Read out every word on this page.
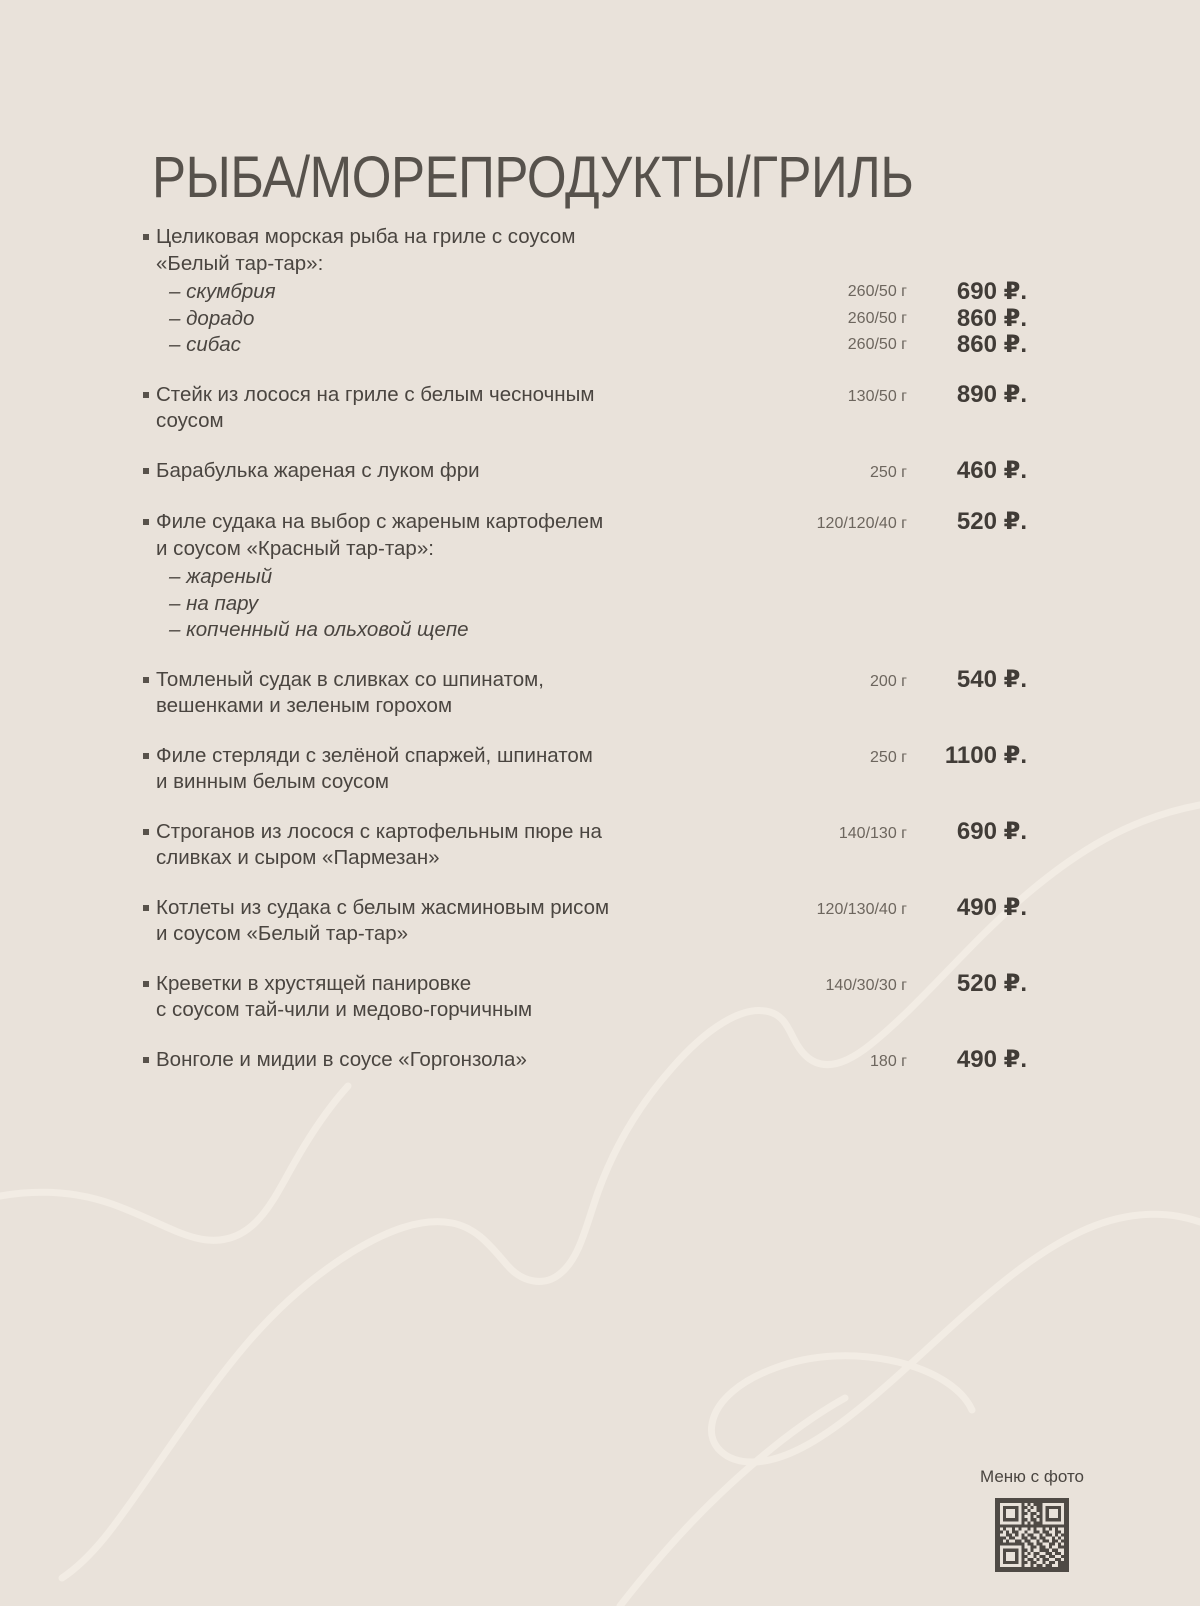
РЫБА/МОРЕПРОДУКТЫ/ГРИЛЬ
Целиковая морская рыба на гриле с соусом
«Белый тар-тар»:
– скумбрия	260/50 г	690 ₽.
– дорадо	260/50 г	860 ₽.
– сибас	260/50 г	860 ₽.
Стейк из лосося на гриле с белым чесночным
соусом
130/50 г	890 ₽.
Барабулька жареная с луком фри	250 г	460 ₽.
Филе судака на выбор с жареным картофелем
и соусом «Красный тар-тар»:
120/120/40 г	520 ₽.
– жареный
– на пару
– копченный на ольховой щепе
Томленый судак в сливках со шпинатом,
вешенками и зеленым горохом
200 г	540 ₽.
Филе стерляди с зелёной спаржей, шпинатом
и винным белым соусом
250 г	1100 ₽.
Строганов из лосося с картофельным пюре на
сливках и сыром «Пармезан»
140/130 г	690 ₽.
Котлеты из судака с белым жасминовым рисом
и соусом «Белый тар-тар»
120/130/40 г	490 ₽.
Креветки в хрустящей панировке
с соусом тай-чили и медово-горчичным
140/30/30 г	520 ₽.
Вонголе и мидии в соусе «Горгонзола»	180 г	490 ₽.
Меню с фото
